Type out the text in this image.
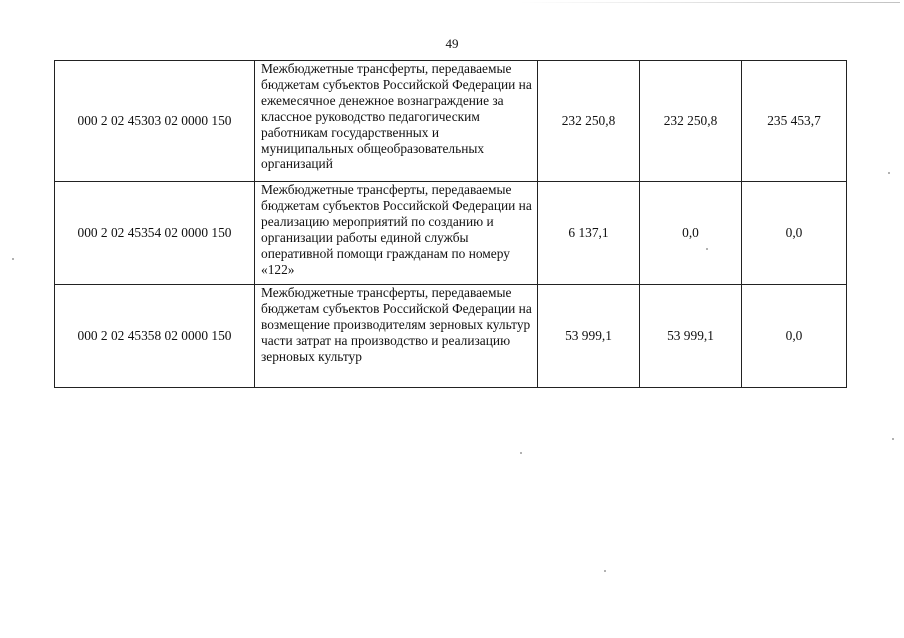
49
000 2 02 45303 02 0000 150	Межбюджетные трансферты, передаваемые бюджетам субъектов Российской Федерации на ежемесячное денежное вознаграждение за классное руководство педагогическим работникам государственных и муниципальных общеобразовательных организаций	232 250,8	232 250,8	235 453,7
000 2 02 45354 02 0000 150	Межбюджетные трансферты, передаваемые бюджетам субъектов Российской Федерации на реализацию мероприятий по созданию и организации работы единой службы оперативной помощи гражданам по номеру «122»	6 137,1	0,0	0,0
000 2 02 45358 02 0000 150	Межбюджетные трансферты, передаваемые бюджетам субъектов Российской Федерации на возмещение производителям зерновых культур части затрат на производство и реализацию зерновых культур	53 999,1	53 999,1	0,0
